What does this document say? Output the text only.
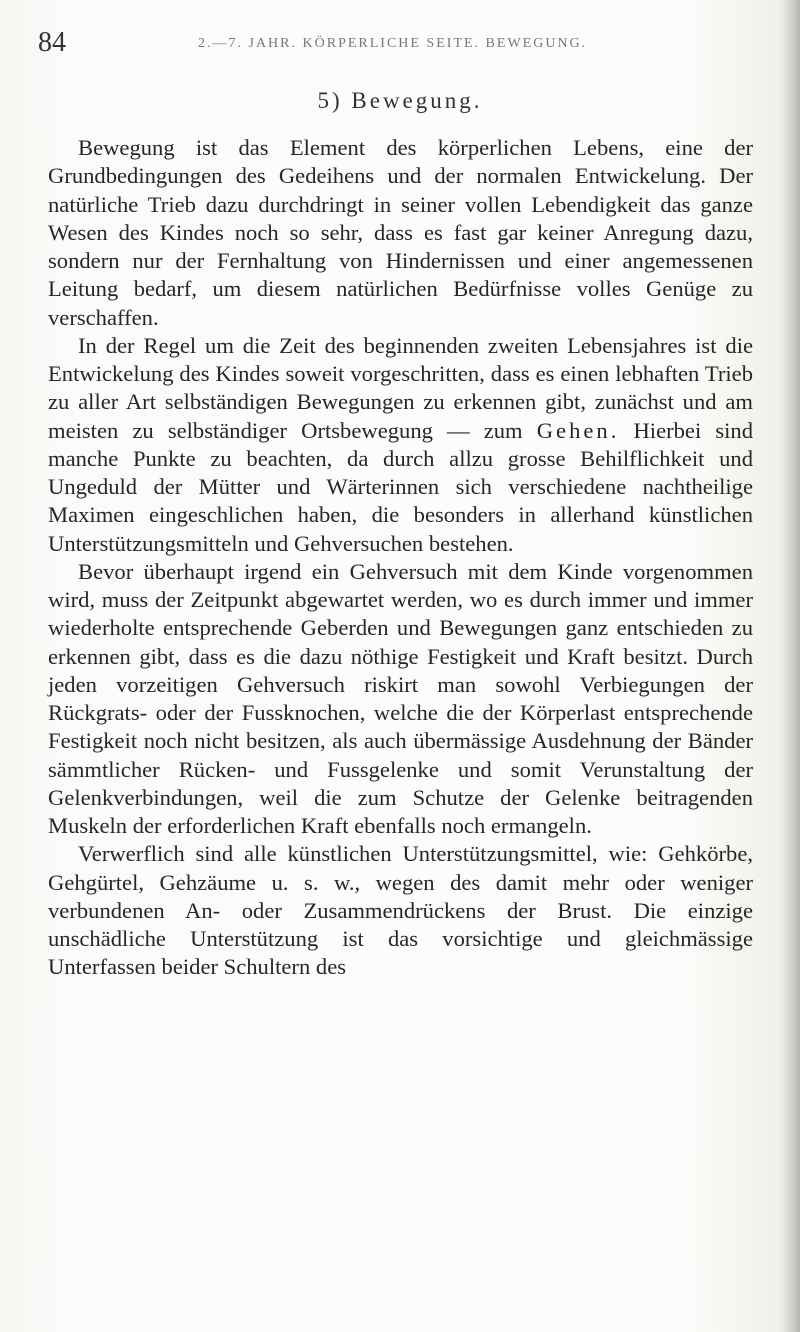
84	2.—7. JAHR. KÖRPERLICHE SEITE. BEWEGUNG.
5) Bewegung.

Bewegung ist das Element des körperlichen Lebens, eine der Grundbedingungen des Gedeihens und der normalen Entwickelung. Der natürliche Trieb dazu durchdringt in seiner vollen Lebendigkeit das ganze Wesen des Kindes noch so sehr, dass es fast gar keiner Anregung dazu, sondern nur der Fernhaltung von Hindernissen und einer angemessenen Leitung bedarf, um diesem natürlichen Bedürfnisse volles Genüge zu verschaffen.

In der Regel um die Zeit des beginnenden zweiten Lebensjahres ist die Entwickelung des Kindes soweit vorgeschritten, dass es einen lebhaften Trieb zu aller Art selbständigen Bewegungen zu erkennen gibt, zunächst und am meisten zu selbständiger Ortsbewegung — zum Gehen. Hierbei sind manche Punkte zu beachten, da durch allzu grosse Behilflichkeit und Ungeduld der Mütter und Wärterinnen sich verschiedene nachtheilige Maximen eingeschlichen haben, die besonders in allerhand künstlichen Unterstützungsmitteln und Gehversuchen bestehen.

Bevor überhaupt irgend ein Gehversuch mit dem Kinde vorgenommen wird, muss der Zeitpunkt abgewartet werden, wo es durch immer und immer wiederholte entsprechende Geberden und Bewegungen ganz entschieden zu erkennen gibt, dass es die dazu nöthige Festigkeit und Kraft besitzt. Durch jeden vorzeitigen Gehversuch riskirt man sowohl Verbiegungen der Rückgrats- oder der Fussknochen, welche die der Körperlast entsprechende Festigkeit noch nicht besitzen, als auch übermässige Ausdehnung der Bänder sämmtlicher Rücken- und Fussgelenke und somit Verunstaltung der Gelenkverbindungen, weil die zum Schutze der Gelenke beitragenden Muskeln der erforderlichen Kraft ebenfalls noch ermangeln.

Verwerflich sind alle künstlichen Unterstützungsmittel, wie: Gehkörbe, Gehgürtel, Gehzäume u. s. w., wegen des damit mehr oder weniger verbundenen An- oder Zusammendrückens der Brust. Die einzige unschädliche Unterstützung ist das vorsichtige und gleichmässige Unterfassen beider Schultern des
